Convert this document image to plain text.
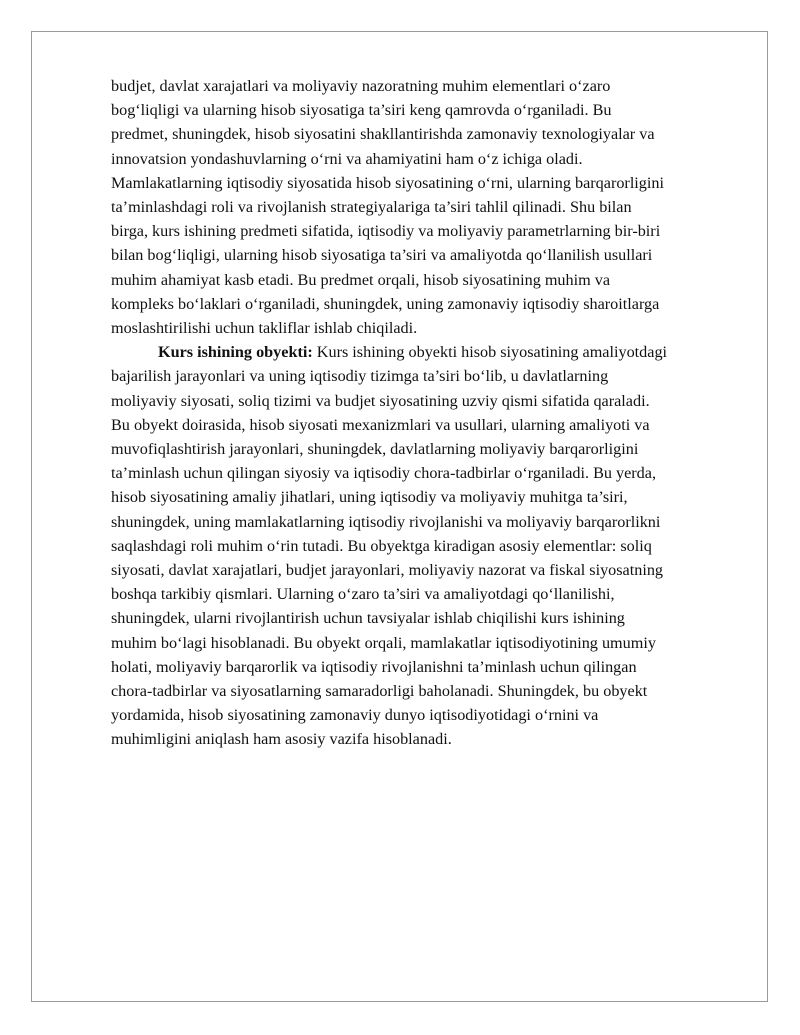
budjet, davlat xarajatlari va moliyaviy nazoratning muhim elementlari o‘zaro
bog‘liqligi va ularning hisob siyosatiga ta’siri keng qamrovda o‘rganiladi. Bu
predmet, shuningdek, hisob siyosatini shakllantirishda zamonaviy texnologiyalar va
innovatsion yondashuvlarning o‘rni va ahamiyatini ham o‘z ichiga oladi.
Mamlakatlarning iqtisodiy siyosatida hisob siyosatining o‘rni, ularning barqarorligini
ta’minlashdagi roli va rivojlanish strategiyalariga ta’siri tahlil qilinadi. Shu bilan
birga, kurs ishining predmeti sifatida, iqtisodiy va moliyaviy parametrlarning bir-biri
bilan bog‘liqligi, ularning hisob siyosatiga ta’siri va amaliyotda qo‘llanilish usullari
muhim ahamiyat kasb etadi. Bu predmet orqali, hisob siyosatining muhim va
kompleks bo‘laklari o‘rganiladi, shuningdek, uning zamonaviy iqtisodiy sharoitlarga
moslashtirilishi uchun takliflar ishlab chiqiladi.
Kurs ishining obyekti: Kurs ishining obyekti hisob siyosatining amaliyotdagi
bajarilish jarayonlari va uning iqtisodiy tizimga ta’siri bo‘lib, u davlatlarning
moliyaviy siyosati, soliq tizimi va budjet siyosatining uzviy qismi sifatida qaraladi.
Bu obyekt doirasida, hisob siyosati mexanizmlari va usullari, ularning amaliyoti va
muvofiqlashtirish jarayonlari, shuningdek, davlatlarning moliyaviy barqarorligini
ta’minlash uchun qilingan siyosiy va iqtisodiy chora-tadbirlar o‘rganiladi. Bu yerda,
hisob siyosatining amaliy jihatlari, uning iqtisodiy va moliyaviy muhitga ta’siri,
shuningdek, uning mamlakatlarning iqtisodiy rivojlanishi va moliyaviy barqarorlikni
saqlashdagi roli muhim o‘rin tutadi. Bu obyektga kiradigan asosiy elementlar: soliq
siyosati, davlat xarajatlari, budjet jarayonlari, moliyaviy nazorat va fiskal siyosatning
boshqa tarkibiy qismlari. Ularning o‘zaro ta’siri va amaliyotdagi qo‘llanilishi,
shuningdek, ularni rivojlantirish uchun tavsiyalar ishlab chiqilishi kurs ishining
muhim bo‘lagi hisoblanadi. Bu obyekt orqali, mamlakatlar iqtisodiyotining umumiy
holati, moliyaviy barqarorlik va iqtisodiy rivojlanishni ta’minlash uchun qilingan
chora-tadbirlar va siyosatlarning samaradorligi baholanadi. Shuningdek, bu obyekt
yordamida, hisob siyosatining zamonaviy dunyo iqtisodiyotidagi o‘rnini va
muhimligini aniqlash ham asosiy vazifa hisoblanadi.
